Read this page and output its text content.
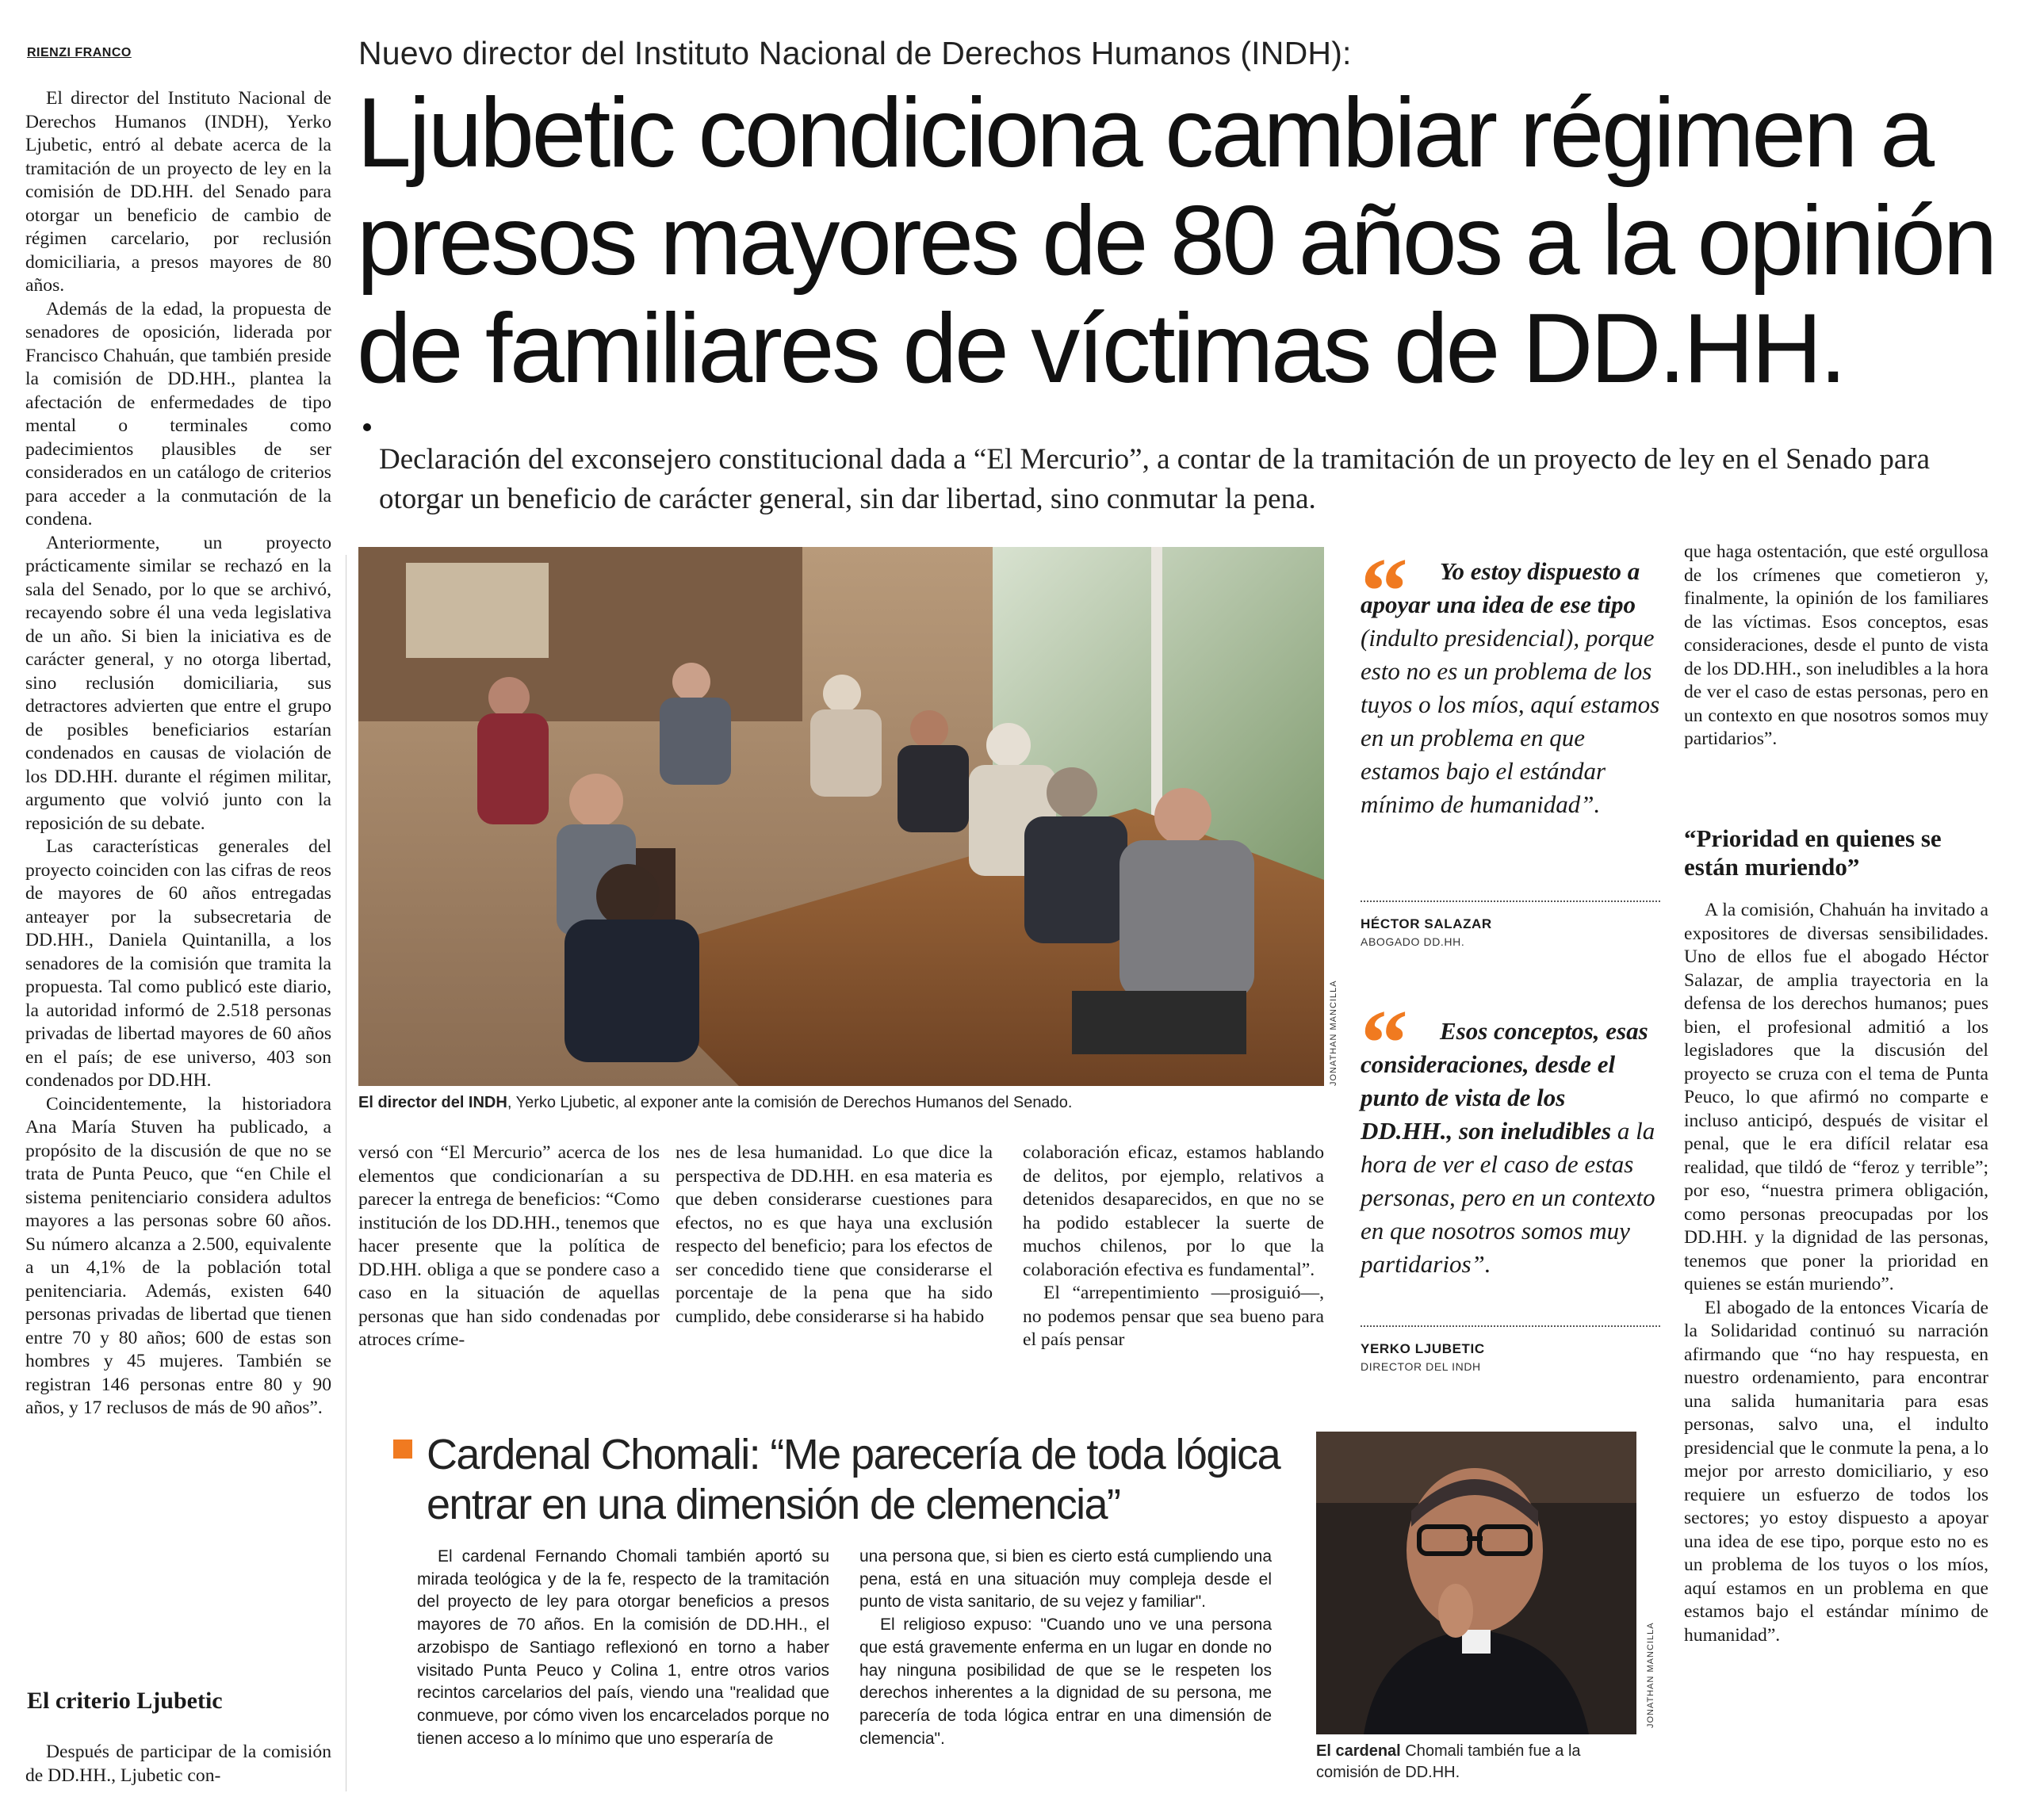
RIENZI FRANCO	Nuevo director del Instituto Nacional de Derechos Humanos (INDH):
Ljubetic condiciona cambiar régimen a presos mayores de 80 años a la opinión de familiares de víctimas de DD.HH.
Declaración del exconsejero constitucional dada a “El Mercurio”, a contar de la tramitación de un proyecto de ley en el Senado para otorgar un beneficio de carácter general, sin dar libertad, sino conmutar la pena.

El director del Instituto Nacional de Derechos Humanos (INDH), Yerko Ljubetic, entró al debate acerca de la tramitación de un proyecto de ley en la comisión de DD.HH. del Senado para otorgar un beneficio de cambio de régimen carcelario, por reclusión domiciliaria, a presos mayores de 80 años.

Además de la edad, la propuesta de senadores de oposición, liderada por Francisco Chahuán, que también preside la comisión de DD.HH., plantea la afectación de enfermedades de tipo mental o terminales como padecimientos plausibles de ser considerados en un catálogo de criterios para acceder a la conmutación de la condena.

Anteriormente, un proyecto prácticamente similar se rechazó en la sala del Senado, por lo que se archivó, recayendo sobre él una veda legislativa de un año. Si bien la iniciativa es de carácter general, y no otorga libertad, sino reclusión domiciliaria, sus detractores advierten que entre el grupo de posibles beneficiarios estarían condenados en causas de violación de los DD.HH. durante el régimen militar, argumento que volvió junto con la reposición de su debate.

Las características generales del proyecto coinciden con las cifras de reos de mayores de 60 años entregadas anteayer por la subsecretaria de DD.HH., Daniela Quintanilla, a los senadores de la comisión que tramita la propuesta. Tal como publicó este diario, la autoridad informó de 2.518 personas privadas de libertad mayores de 60 años en el país; de ese universo, 403 son condenados por DD.HH.

Coincidentemente, la historiadora Ana María Stuven ha publicado, a propósito de la discusión de que no se trata de Punta Peuco, que “en Chile el sistema penitenciario considera adultos mayores a las personas sobre 60 años. Su número alcanza a 2.500, equivalente a un 4,1% de la población total penitenciaria. Además, existen 640 personas privadas de libertad que tienen entre 70 y 80 años; 600 de estas son hombres y 45 mujeres. También se registran 146 personas entre 80 y 90 años, y 17 reclusos de más de 90 años”.

El criterio Ljubetic

Después de participar de la comisión de DD.HH., Ljubetic con-

JONATHAN MANCILLA
El director del INDH, Yerko Ljubetic, al exponer ante la comisión de Derechos Humanos del Senado.

versó con “El Mercurio” acerca de los elementos que condicionarían a su parecer la entrega de beneficios: “Como institución de los DD.HH., tenemos que hacer presente que la política de DD.HH. obliga a que se pondere caso a caso en la situación de aquellas personas que han sido condenadas por atroces críme-

nes de lesa humanidad. Lo que dice la perspectiva de DD.HH. en esa materia es que deben considerarse cuestiones para efectos, no es que haya una exclusión respecto del beneficio; para los efectos de ser concedido tiene que considerarse el porcentaje de la pena que ha sido cumplido, debe considerarse si ha habido

colaboración eficaz, estamos hablando de delitos, por ejemplo, relativos a detenidos desaparecidos, en que no se ha podido establecer la suerte de muchos chilenos, por lo que la colaboración efectiva es fundamental”.

El “arrepentimiento —prosiguió—, no podemos pensar que sea bueno para el país pensar

“	Yo estoy dispuesto a apoyar una idea de ese tipo (indulto presidencial), porque esto no es un problema de los tuyos o los míos, aquí estamos en un problema en que estamos bajo el estándar mínimo de humanidad”.
HÉCTOR SALAZAR
ABOGADO DD.HH.
“	Esos conceptos, esas consideraciones, desde el punto de vista de los DD.HH., son ineludibles a la hora de ver el caso de estas personas, pero en un contexto en que nosotros somos muy partidarios”.
YERKO LJUBETIC
DIRECTOR DEL INDH

que haga ostentación, que esté orgullosa de los crímenes que cometieron y, finalmente, la opinión de los familiares de las víctimas. Esos conceptos, esas consideraciones, desde el punto de vista de los DD.HH., son ineludibles a la hora de ver el caso de estas personas, pero en un contexto en que nosotros somos muy partidarios”.

“Prioridad en quienes se están muriendo”

A la comisión, Chahuán ha invitado a expositores de diversas sensibilidades. Uno de ellos fue el abogado Héctor Salazar, de amplia trayectoria en la defensa de los derechos humanos; pues bien, el profesional admitió a los legisladores que la discusión del proyecto se cruza con el tema de Punta Peuco, lo que afirmó no comparte e incluso anticipó, después de visitar el penal, que le era difícil relatar esa realidad, que tildó de “feroz y terrible”; por eso, “nuestra primera obligación, como personas preocupadas por los DD.HH. y la dignidad de las personas, tenemos que poner la prioridad en quienes se están muriendo”.

El abogado de la entonces Vicaría de la Solidaridad continuó su narración afirmando que “no hay respuesta, en nuestro ordenamiento, para encontrar una salida humanitaria para esas personas, salvo una, el indulto presidencial que le conmute la pena, a lo mejor por arresto domiciliario, y eso requiere un esfuerzo de todos los sectores; yo estoy dispuesto a apoyar una idea de ese tipo, porque esto no es un problema de los tuyos o los míos, aquí estamos en un problema en que estamos bajo el estándar mínimo de humanidad”.

Cardenal Chomali: “Me parecería de toda lógica entrar en una dimensión de clemencia”

El cardenal Fernando Chomali también aportó su mirada teológica y de la fe, respecto de la tramitación del proyecto de ley para otorgar beneficios a presos mayores de 70 años. En la comisión de DD.HH., el arzobispo de Santiago reflexionó en torno a haber visitado Punta Peuco y Colina 1, entre otros varios recintos carcelarios del país, viendo una "realidad que conmueve, por cómo viven los encarcelados porque no tienen acceso a lo mínimo que uno esperaría de

una persona que, si bien es cierto está cumpliendo una pena, está en una situación muy compleja desde el punto de vista sanitario, de su vejez y familiar".

El religioso expuso: "Cuando uno ve una persona que está gravemente enferma en un lugar en donde no hay ninguna posibilidad de que se le respeten los derechos inherentes a la dignidad de su persona, me parecería de toda lógica entrar en una dimensión de clemencia".

JONATHAN MANCILLA
El cardenal Chomali también fue a la comisión de DD.HH.
